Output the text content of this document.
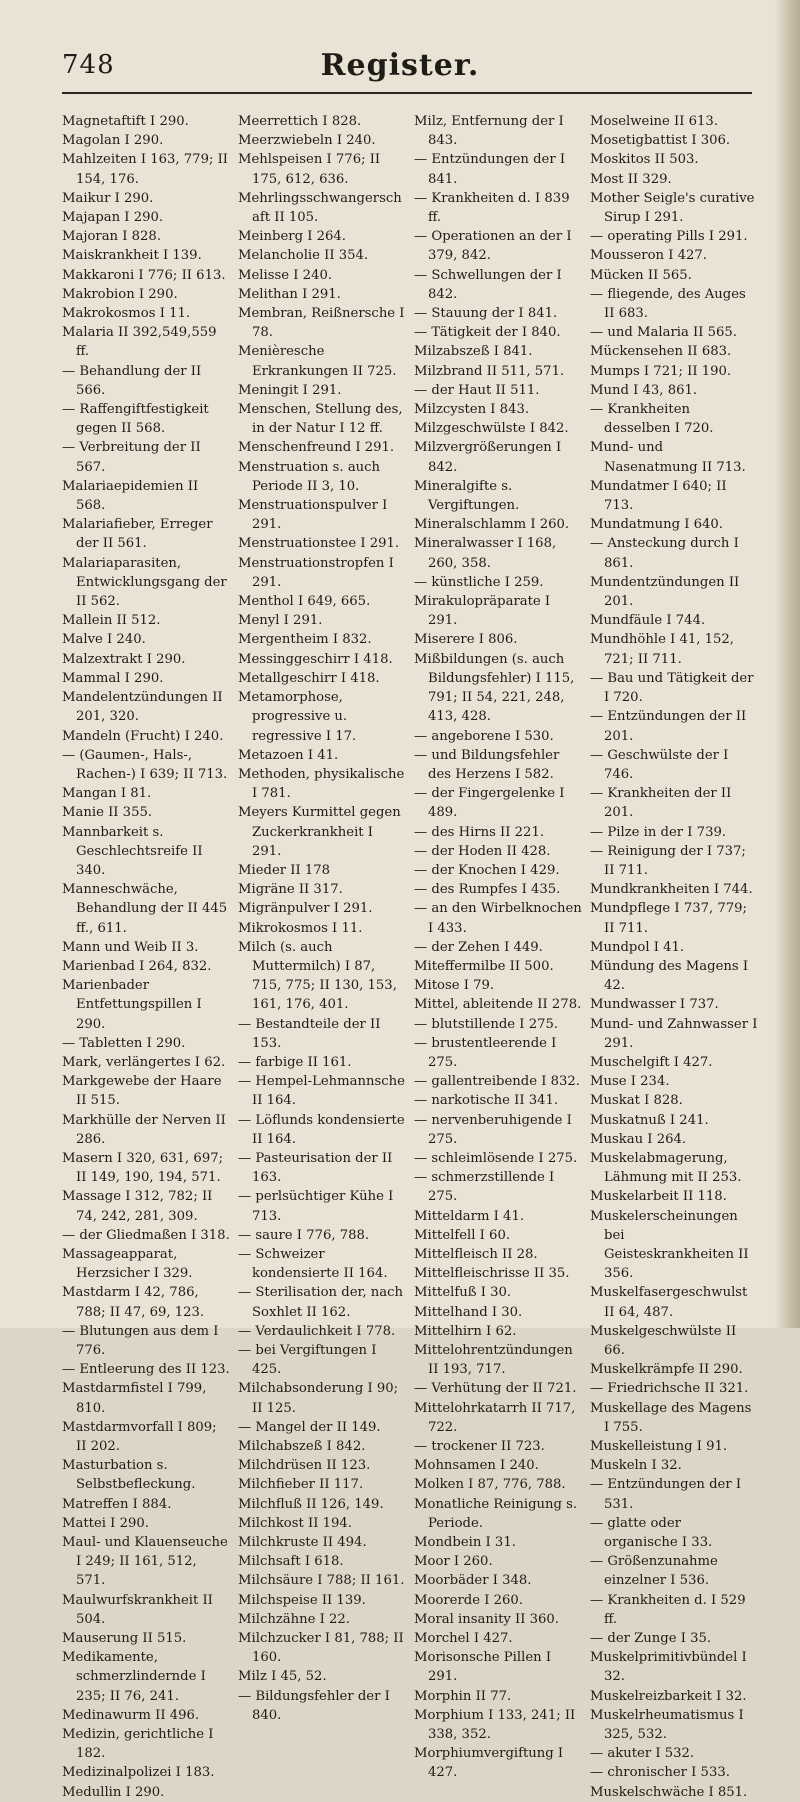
748	Register.
Magnetaftift I 290.
Magolan I 290.
Mahlzeiten I 163, 779; II 154, 176.
Maikur I 290.
Majapan I 290.
Majoran I 828.
Maiskrankheit I 139.
Makkaroni I 776; II 613.
Makrobion I 290.
Makrokosmos I 11.
Malaria II 392,549,559 ff.
— Behandlung der II 566.
— Raffengiftfestigkeit gegen II 568.
— Verbreitung der II 567.
Malariaepidemien II 568.
Malariafieber, Erreger der II 561.
Malariaparasiten, Entwicklungsgang der II 562.
Mallein II 512.
Malve I 240.
Malzextrakt I 290.
Mammal I 290.
Mandelentzündungen II 201, 320.
Mandeln (Frucht) I 240.
— (Gaumen-, Hals-, Rachen-) I 639; II 713.
Mangan I 81.
Manie II 355.
Mannbarkeit s. Geschlechtsreife II 340.
Manneschwäche, Behandlung der II 445 ff., 611.
Mann und Weib II 3.
Marienbad I 264, 832.
Marienbader Entfettungspillen I 290.
— Tabletten I 290.
Mark, verlängertes I 62.
Markgewebe der Haare II 515.
Markhülle der Nerven II 286.
Masern I 320, 631, 697; II 149, 190, 194, 571.
Massage I 312, 782; II 74, 242, 281, 309.
— der Gliedmaßen I 318.
Massageapparat, Herzsicher I 329.
Mastdarm I 42, 786, 788; II 47, 69, 123.
— Blutungen aus dem I 776.
— Entleerung des II 123.
Mastdarmfistel I 799, 810.
Mastdarmvorfall I 809; II 202.
Masturbation s. Selbstbefleckung.
Matreffen I 884.
Mattei I 290.
Maul- und Klauenseuche I 249; II 161, 512, 571.
Maulwurfskrankheit II 504.
Mauserung II 515.
Medikamente, schmerzlindernde I 235; II 76, 241.
Medinawurm II 496.
Medizin, gerichtliche I 182.
Medizinalpolizei I 183.
Medullin I 290.
Meerrettich I 828.
Meerzwiebeln I 240.
Mehlspeisen I 776; II 175, 612, 636.
Mehrlingsschwangerschaft II 105.
Meinberg I 264.
Melancholie II 354.
Melisse I 240.
Melithan I 291.
Membran, Reißnersche I 78.
Menièresche Erkrankungen II 725.
Meningit I 291.
Menschen, Stellung des, in der Natur I 12 ff.
Menschenfreund I 291.
Menstruation s. auch Periode II 3, 10.
Menstruationspulver I 291.
Menstruationstee I 291.
Menstruationstropfen I 291.
Menthol I 649, 665.
Menyl I 291.
Mergentheim I 832.
Messinggeschirr I 418.
Metallgeschirr I 418.
Metamorphose, progressive u. regressive I 17.
Metazoen I 41.
Methoden, physikalische I 781.
Meyers Kurmittel gegen Zuckerkrankheit I 291.
Mieder II 178
Migräne II 317.
Migränpulver I 291.
Mikrokosmos I 11.
Milch (s. auch Muttermilch) I 87, 715, 775; II 130, 153, 161, 176, 401.
— Bestandteile der II 153.
— farbige II 161.
— Hempel-Lehmannsche II 164.
— Löflunds kondensierte II 164.
— Pasteurisation der II 163.
— perlsüchtiger Kühe I 713.
— saure I 776, 788.
— Schweizer kondensierte II 164.
— Sterilisation der, nach Soxhlet II 162.
— Verdaulichkeit I 778.
— bei Vergiftungen I 425.
Milchabsonderung I 90; II 125.
— Mangel der II 149.
Milchabszeß I 842.
Milchdrüsen II 123.
Milchfieber II 117.
Milchfluß II 126, 149.
Milchkost II 194.
Milchkruste II 494.
Milchsaft I 618.
Milchsäure I 788; II 161.
Milchspeise II 139.
Milchzähne I 22.
Milchzucker I 81, 788; II 160.
Milz I 45, 52.
— Bildungsfehler der I 840.
Milz, Entfernung der I 843.
— Entzündungen der I 841.
— Krankheiten d. I 839 ff.
— Operationen an der I 379, 842.
— Schwellungen der I 842.
— Stauung der I 841.
— Tätigkeit der I 840.
Milzabszeß I 841.
Milzbrand II 511, 571.
— der Haut II 511.
Milzcysten I 843.
Milzgeschwülste I 842.
Milzvergrößerungen I 842.
Mineralgifte s. Vergiftungen.
Mineralschlamm I 260.
Mineralwasser I 168, 260, 358.
— künstliche I 259.
Mirakulopräparate I 291.
Miserere I 806.
Mißbildungen (s. auch Bildungsfehler) I 115, 791; II 54, 221, 248, 413, 428.
— angeborene I 530.
— und Bildungsfehler des Herzens I 582.
— der Fingergelenke I 489.
— des Hirns II 221.
— der Hoden II 428.
— der Knochen I 429.
— des Rumpfes I 435.
— an den Wirbelknochen I 433.
— der Zehen I 449.
Miteffermilbe II 500.
Mitose I 79.
Mittel, ableitende II 278.
— blutstillende I 275.
— brustentleerende I 275.
— gallentreibende I 832.
— narkotische II 341.
— nervenberuhigende I 275.
— schleimlösende I 275.
— schmerzstillende I 275.
Mitteldarm I 41.
Mittelfell I 60.
Mittelfleisch II 28.
Mittelfleischrisse II 35.
Mittelfuß I 30.
Mittelhand I 30.
Mittelhirn I 62.
Mittelohrentzündungen II 193, 717.
— Verhütung der II 721.
Mittelohrkatarrh II 717, 722.
— trockener II 723.
Mohnsamen I 240.
Molken I 87, 776, 788.
Monatliche Reinigung s. Periode.
Mondbein I 31.
Moor I 260.
Moorbäder I 348.
Moorerde I 260.
Moral insanity II 360.
Morchel I 427.
Morisonsche Pillen I 291.
Morphin II 77.
Morphium I 133, 241; II 338, 352.
Morphiumvergiftung I 427.
Moselweine II 613.
Mosetigbattist I 306.
Moskitos II 503.
Most II 329.
Mother Seigle's curative Sirup I 291.
— operating Pills I 291.
Mousseron I 427.
Mücken II 565.
— fliegende, des Auges II 683.
— und Malaria II 565.
Mückensehen II 683.
Mumps I 721; II 190.
Mund I 43, 861.
— Krankheiten desselben I 720.
Mund- und Nasenatmung II 713.
Mundatmer I 640; II 713.
Mundatmung I 640.
— Ansteckung durch I 861.
Mundentzündungen II 201.
Mundfäule I 744.
Mundhöhle I 41, 152, 721; II 711.
— Bau und Tätigkeit der I 720.
— Entzündungen der II 201.
— Geschwülste der I 746.
— Krankheiten der II 201.
— Pilze in der I 739.
— Reinigung der I 737; II 711.
Mundkrankheiten I 744.
Mundpflege I 737, 779; II 711.
Mundpol I 41.
Mündung des Magens I 42.
Mundwasser I 737.
Mund- und Zahnwasser I 291.
Muschelgift I 427.
Muse I 234.
Muskat I 828.
Muskatnuß I 241.
Muskau I 264.
Muskelabmagerung, Lähmung mit II 253.
Muskelarbeit II 118.
Muskelerscheinungen bei Geisteskrankheiten II 356.
Muskelfasergeschwulst II 64, 487.
Muskelgeschwülste II 66.
Muskelkrämpfe II 290.
— Friedrichsche II 321.
Muskellage des Magens I 755.
Muskelleistung I 91.
Muskeln I 32.
— Entzündungen der I 531.
— glatte oder organische I 33.
— Größenzunahme einzelner I 536.
— Krankheiten d. I 529 ff.
— der Zunge I 35.
Muskelprimitivbündel I 32.
Muskelreizbarkeit I 32.
Muskelrheumatismus I 325, 532.
— akuter I 532.
— chronischer I 533.
Muskelschwäche I 851.
